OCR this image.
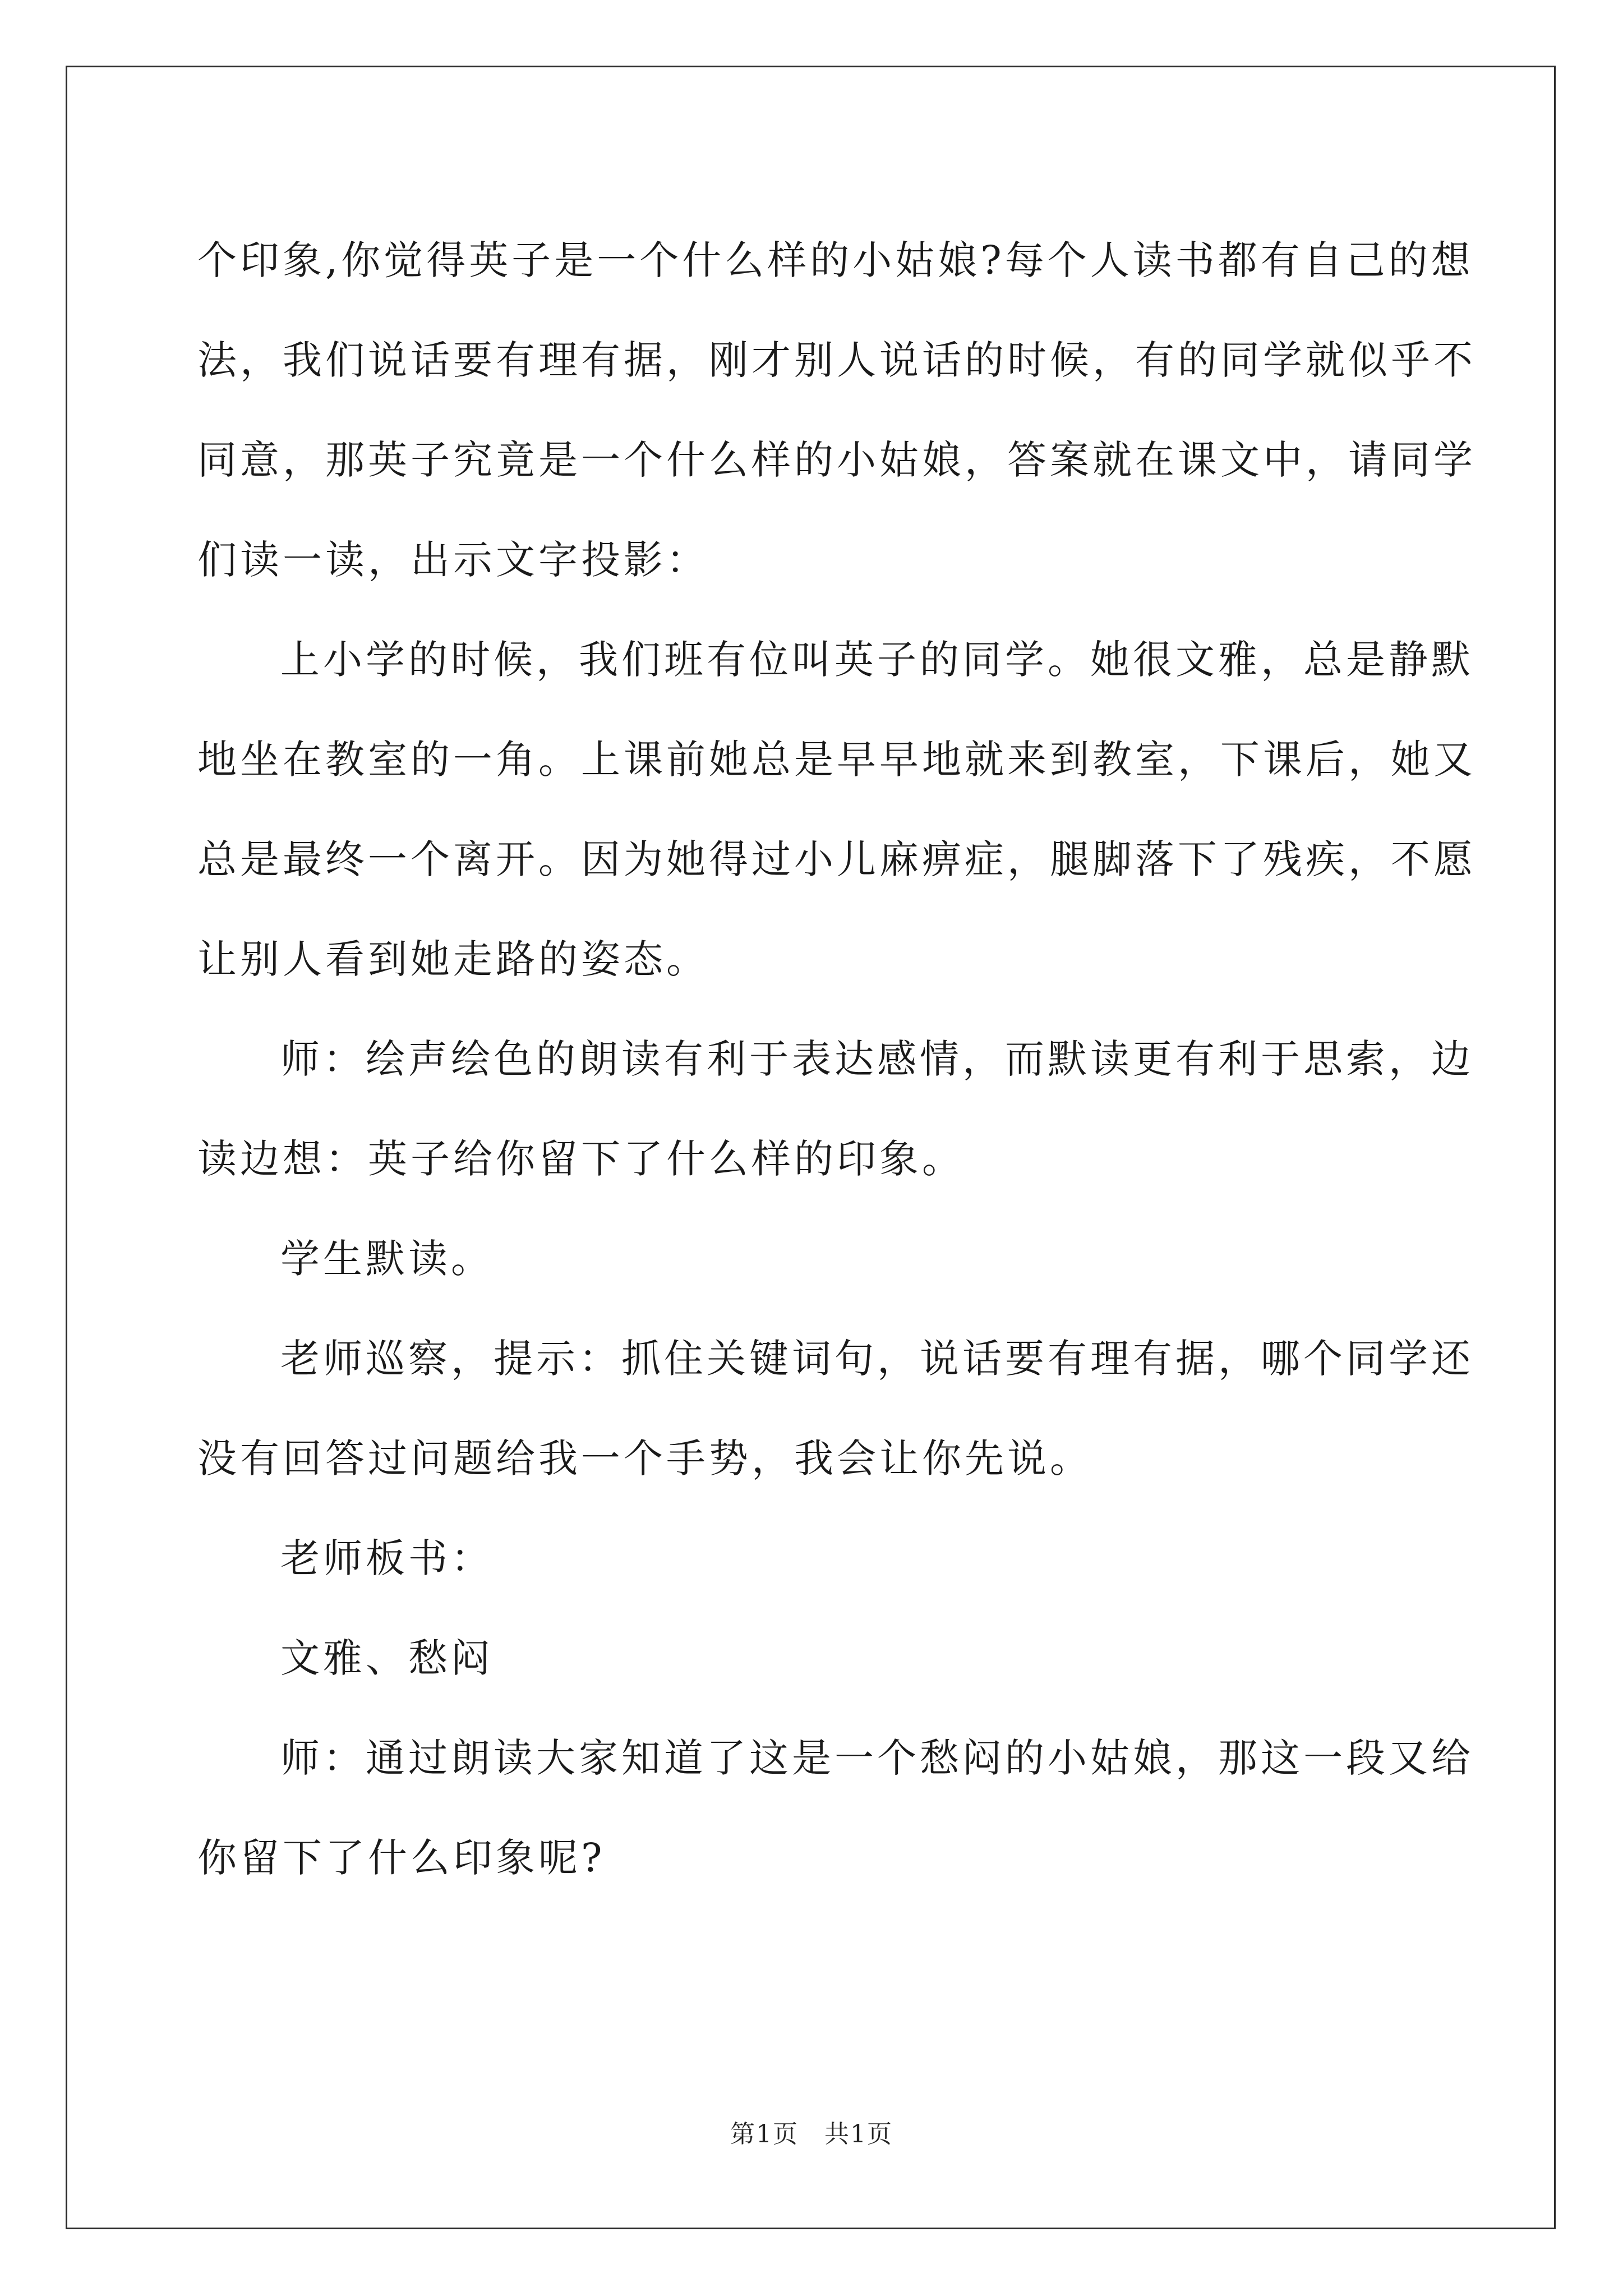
个印象,你觉得英子是一个什么样的小姑娘?每个人读书都有自己的想
法，我们说话要有理有据，刚才别人说话的时候，有的同学就似乎不
同意，那英子究竟是一个什么样的小姑娘，答案就在课文中，请同学
们读一读，出示文字投影：
上小学的时候，我们班有位叫英子的同学。她很文雅，总是静默
地坐在教室的一角。上课前她总是早早地就来到教室，下课后，她又
总是最终一个离开。因为她得过小儿麻痹症，腿脚落下了残疾，不愿
让别人看到她走路的姿态。
师：绘声绘色的朗读有利于表达感情，而默读更有利于思索，边
读边想：英子给你留下了什么样的印象。
学生默读。
老师巡察，提示：抓住关键词句，说话要有理有据，哪个同学还
没有回答过问题给我一个手势，我会让你先说。
老师板书：
文雅、愁闷
师：通过朗读大家知道了这是一个愁闷的小姑娘，那这一段又给
你留下了什么印象呢?
第1页　共1页
